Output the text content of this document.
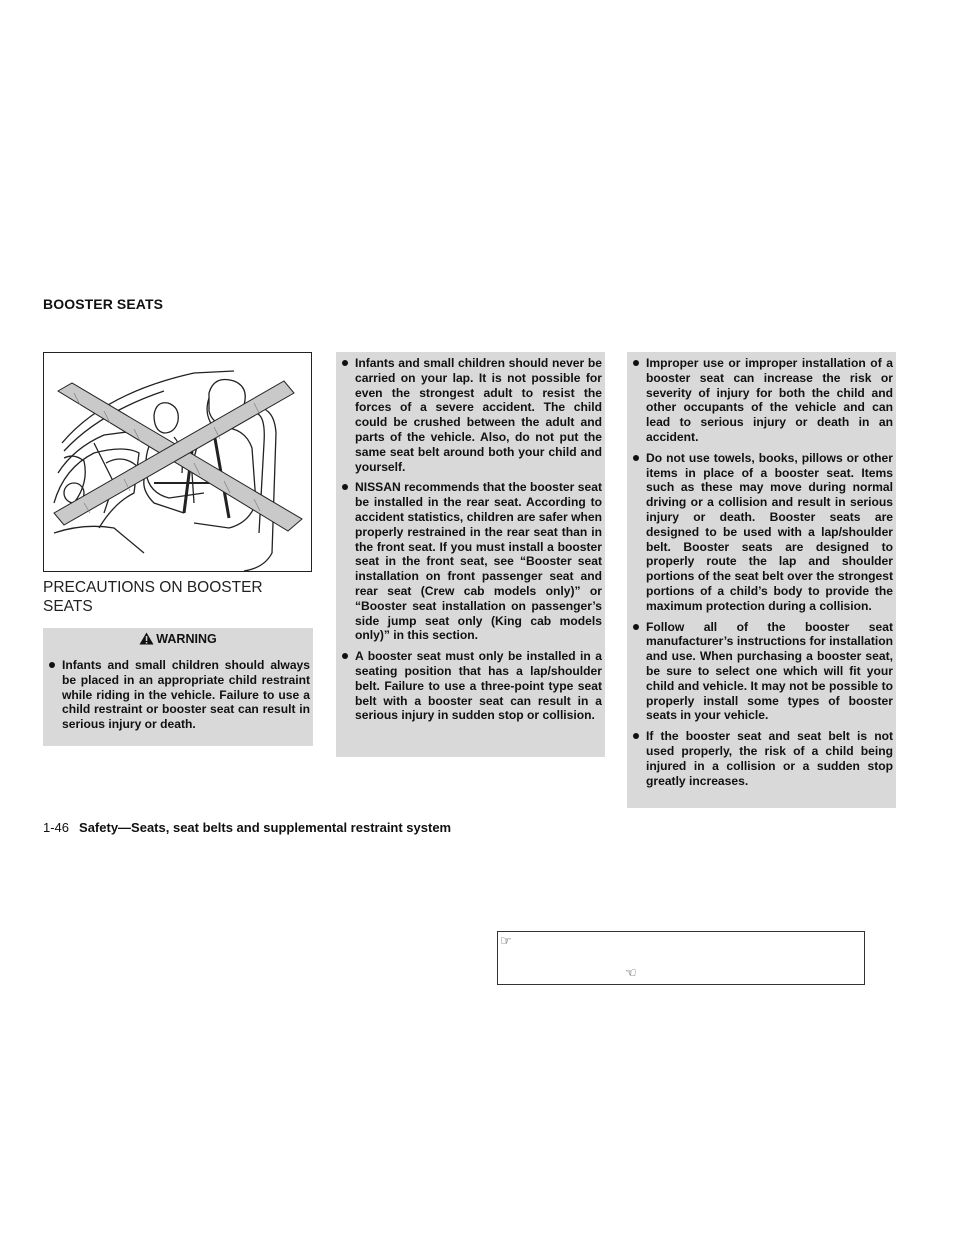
BOOSTER SEATS
PRECAUTIONS ON BOOSTER SEATS
WARNING
Infants and small children should always be placed in an appropriate child restraint while riding in the vehicle. Failure to use a child restraint or booster seat can result in serious injury or death.
Infants and small children should never be carried on your lap. It is not possible for even the strongest adult to resist the forces of a severe accident. The child could be crushed between the adult and parts of the vehicle. Also, do not put the same seat belt around both your child and yourself.
NISSAN recommends that the booster seat be installed in the rear seat. According to accident statistics, children are safer when properly restrained in the rear seat than in the front seat. If you must install a booster seat in the front seat, see “Booster seat installation on front passenger seat and rear seat (Crew cab models only)” or “Booster seat installation on passenger’s side jump seat only (King cab models only)” in this section.
A booster seat must only be installed in a seating position that has a lap/shoulder belt. Failure to use a three-point type seat belt with a booster seat can result in a serious injury in sudden stop or collision.
Improper use or improper installation of a booster seat can increase the risk or severity of injury for both the child and other occupants of the vehicle and can lead to serious injury or death in an accident.
Do not use towels, books, pillows or other items in place of a booster seat. Items such as these may move during normal driving or a collision and result in serious injury or death. Booster seats are designed to be used with a lap/shoulder belt. Booster seats are designed to properly route the lap and shoulder portions of the seat belt over the strongest portions of a child’s body to provide the maximum protection during a collision.
Follow all of the booster seat manufacturer’s instructions for installation and use. When purchasing a booster seat, be sure to select one which will fit your child and vehicle. It may not be possible to properly install some types of booster seats in your vehicle.
If the booster seat and seat belt is not used properly, the risk of a child being injured in a collision or a sudden stop greatly increases.
1-46 Safety—Seats, seat belts and supplemental restraint system
☞
☜
